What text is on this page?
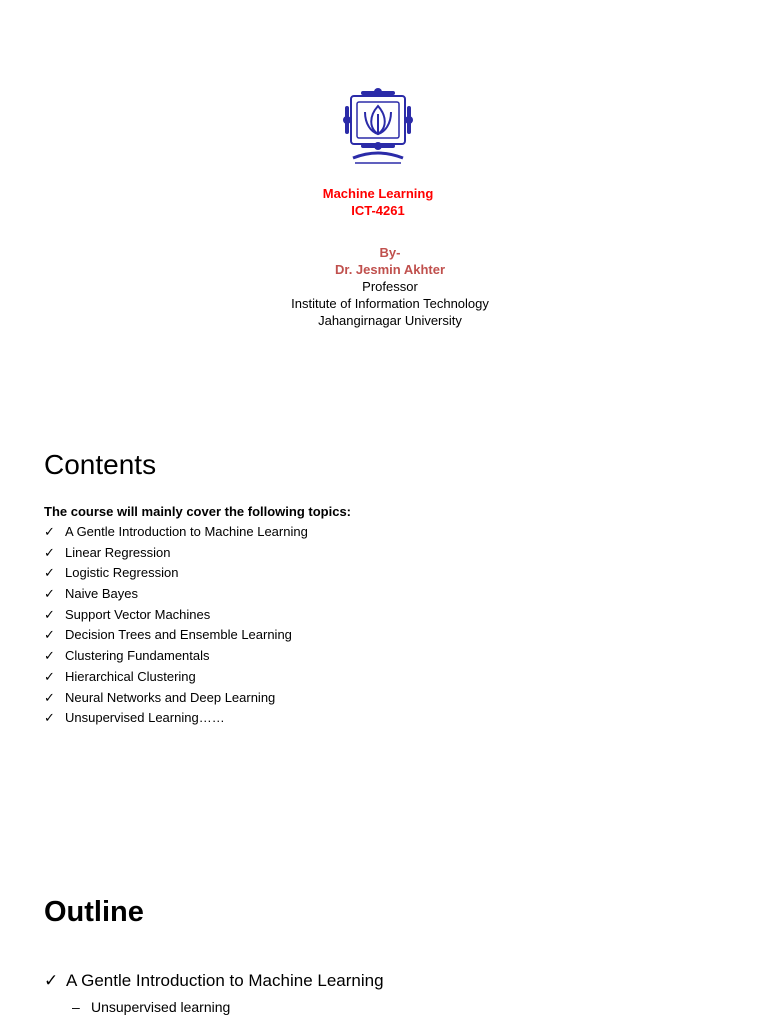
Machine Learning
ICT-4261
By-
Dr. Jesmin Akhter
Professor
Institute of Information Technology
Jahangirnagar University
Contents
The course will mainly cover the following topics:
✓ A Gentle Introduction to Machine Learning
✓ Linear Regression
✓ Logistic Regression
✓ Naive Bayes
✓ Support Vector Machines
✓ Decision Trees and Ensemble Learning
✓ Clustering Fundamentals
✓ Hierarchical Clustering
✓ Neural Networks and Deep Learning
✓ Unsupervised Learning……
Outline
✓ A Gentle Introduction to Machine Learning
– Unsupervised learning
